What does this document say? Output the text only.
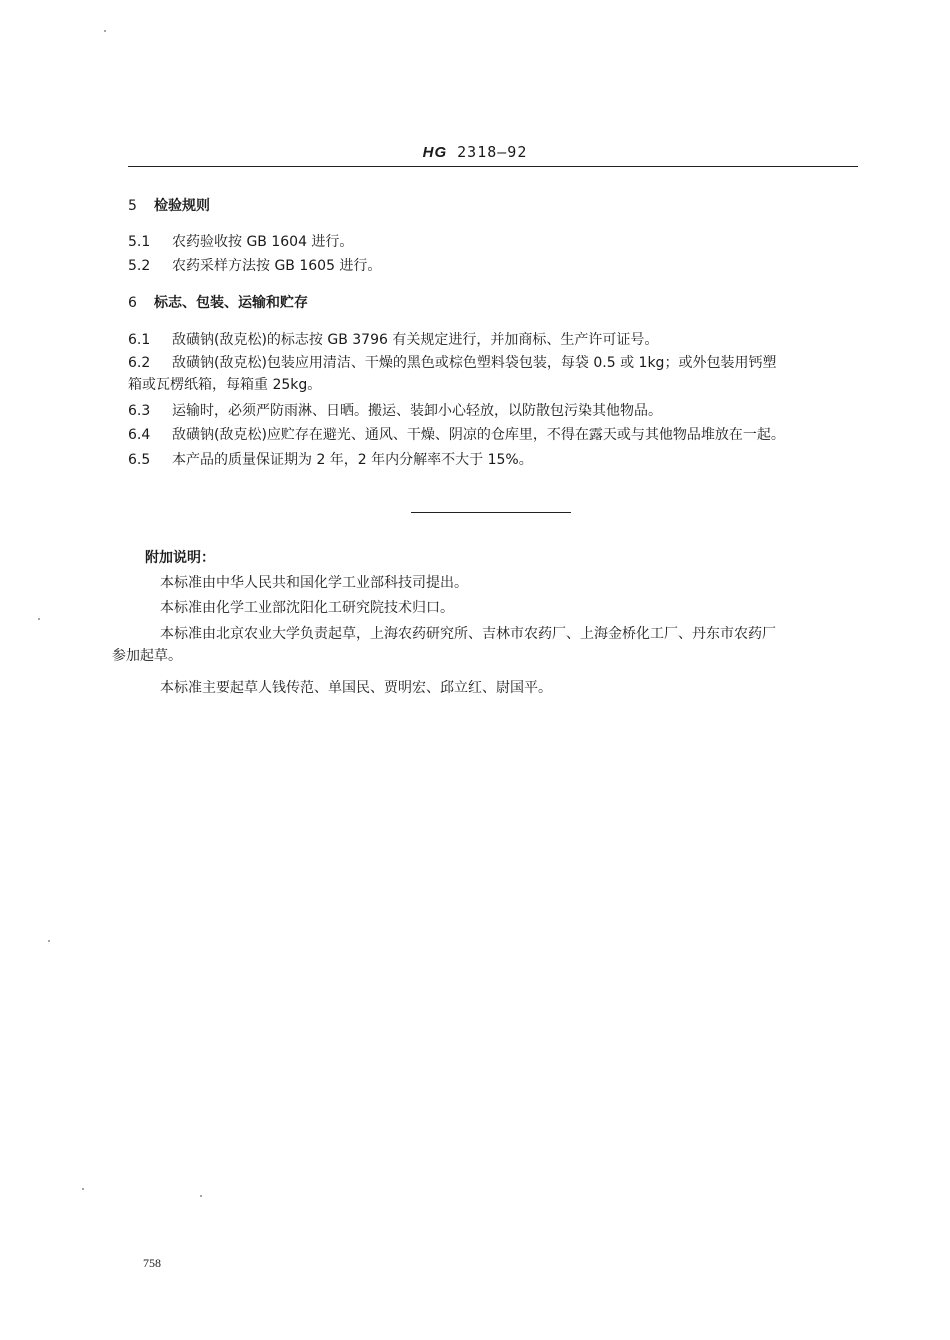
HG 2318—92
5 检验规则
5.1 农药验收按 GB 1604 进行。
5.2 农药采样方法按 GB 1605 进行。
6 标志、包装、运输和贮存
6.1 敌磺钠(敌克松)的标志按 GB 3796 有关规定进行，并加商标、生产许可证号。
6.2 敌磺钠(敌克松)包装应用清洁、干燥的黑色或棕色塑料袋包装，每袋 0.5 或 1kg；或外包装用钙塑
箱或瓦楞纸箱，每箱重 25kg。
6.3 运输时，必须严防雨淋、日晒。搬运、装卸小心轻放，以防散包污染其他物品。
6.4 敌磺钠(敌克松)应贮存在避光、通风、干燥、阴凉的仓库里，不得在露天或与其他物品堆放在一起。
6.5 本产品的质量保证期为 2 年，2 年内分解率不大于 15%。
附加说明：
本标准由中华人民共和国化学工业部科技司提出。
本标准由化学工业部沈阳化工研究院技术归口。
本标准由北京农业大学负责起草，上海农药研究所、吉林市农药厂、上海金桥化工厂、丹东市农药厂
参加起草。
本标准主要起草人钱传范、单国民、贾明宏、邱立红、尉国平。
758
